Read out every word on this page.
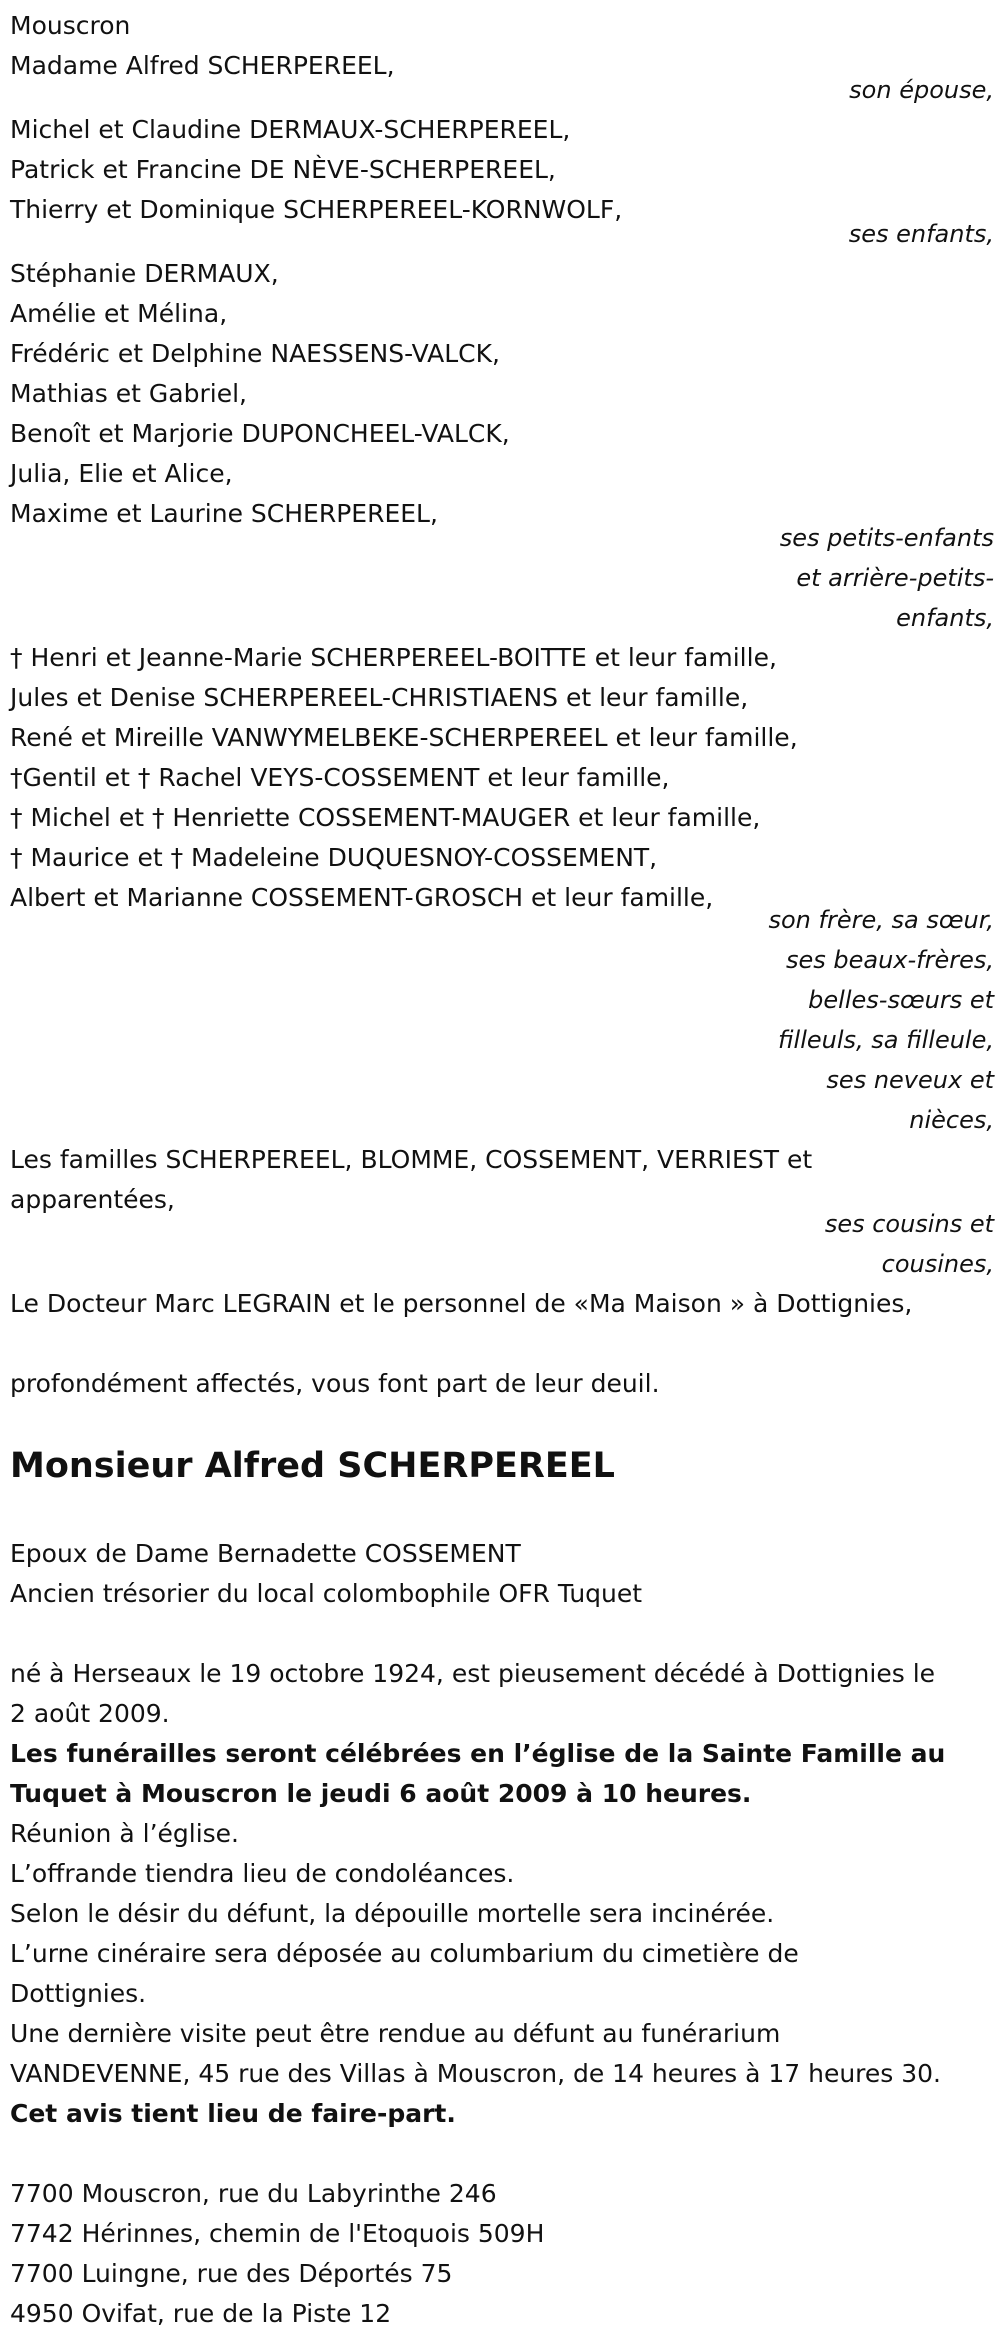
Mouscron
Madame Alfred SCHERPEREEL,
son épouse,
Michel et Claudine DERMAUX-SCHERPEREEL,
Patrick et Francine DE NÈVE-SCHERPEREEL,
Thierry et Dominique SCHERPEREEL-KORNWOLF,
ses enfants,
Stéphanie DERMAUX,
Amélie et Mélina,
Frédéric et Delphine NAESSENS-VALCK,
Mathias et Gabriel,
Benoît et Marjorie DUPONCHEEL-VALCK,
Julia, Elie et Alice,
Maxime et Laurine SCHERPEREEL,
ses petits-enfants
et arrière-petits-
enfants,
† Henri et Jeanne-Marie SCHERPEREEL-BOITTE et leur famille,
Jules et Denise SCHERPEREEL-CHRISTIAENS et leur famille,
René et Mireille VANWYMELBEKE-SCHERPEREEL et leur famille,
†Gentil et † Rachel VEYS-COSSEMENT et leur famille,
† Michel et † Henriette COSSEMENT-MAUGER et leur famille,
† Maurice et † Madeleine DUQUESNOY-COSSEMENT,
Albert et Marianne COSSEMENT-GROSCH et leur famille,
son frère, sa sœur,
ses beaux-frères,
belles-sœurs et
filleuls, sa filleule,
ses neveux et
nièces,
Les familles SCHERPEREEL, BLOMME, COSSEMENT, VERRIEST et
apparentées,
ses cousins et
cousines,
Le Docteur Marc LEGRAIN et le personnel de «Ma Maison » à Dottignies,
profondément affectés, vous font part de leur deuil.
Monsieur Alfred SCHERPEREEL
Epoux de Dame Bernadette COSSEMENT
Ancien trésorier du local colombophile OFR Tuquet
né à Herseaux le 19 octobre 1924, est pieusement décédé à Dottignies le
2 août 2009.
Les funérailles seront célébrées en l’église de la Sainte Famille au
Tuquet à Mouscron le jeudi 6 août 2009 à 10 heures.
Réunion à l’église.
L’offrande tiendra lieu de condoléances.
Selon le désir du défunt, la dépouille mortelle sera incinérée.
L’urne cinéraire sera déposée au columbarium du cimetière de
Dottignies.
Une dernière visite peut être rendue au défunt au funérarium
VANDEVENNE, 45 rue des Villas à Mouscron, de 14 heures à 17 heures 30.
Cet avis tient lieu de faire-part.
7700 Mouscron, rue du Labyrinthe 246
7742 Hérinnes, chemin de l'Etoquois 509H
7700 Luingne, rue des Déportés 75
4950 Ovifat, rue de la Piste 12
